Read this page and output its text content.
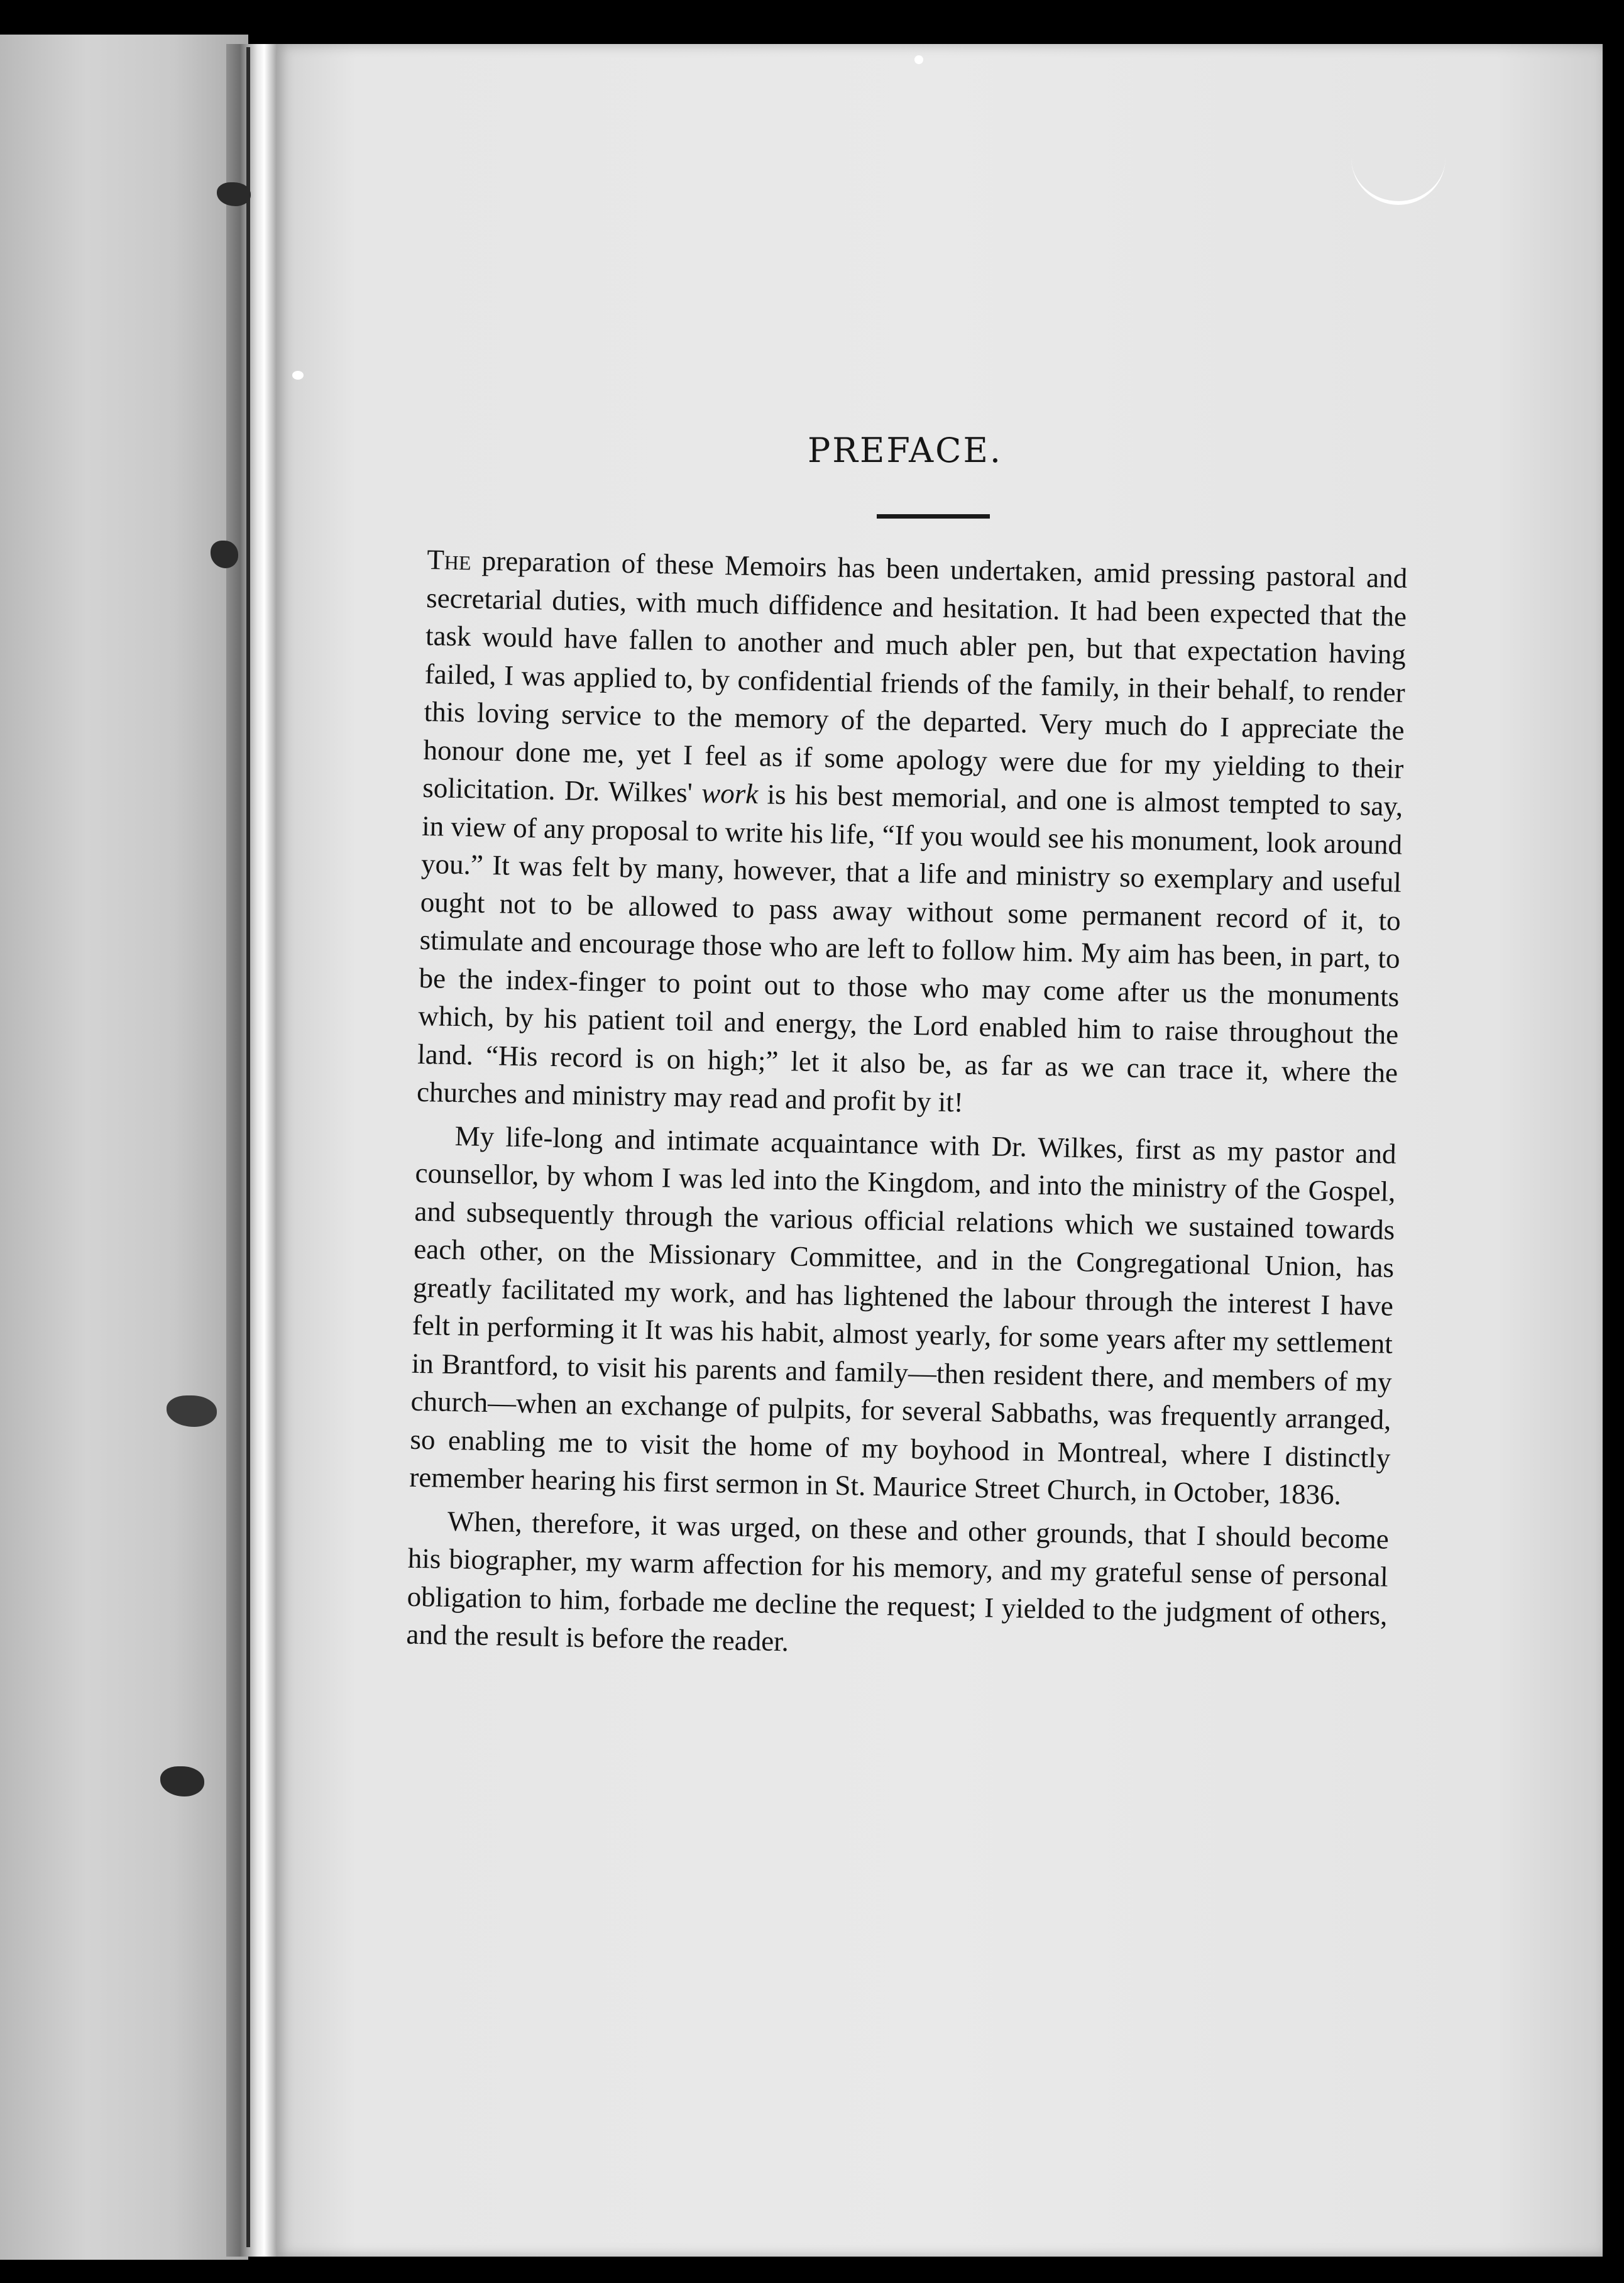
PREFACE.

The preparation of these Memoirs has been undertaken, amid pressing pastoral and secretarial duties, with much diffidence and hesitation. It had been expected that the task would have fallen to another and much abler pen, but that expectation having failed, I was applied to, by confidential friends of the family, in their behalf, to render this loving service to the memory of the departed. Very much do I appreciate the honour done me, yet I feel as if some apology were due for my yielding to their solicitation. Dr. Wilkes' work is his best memorial, and one is almost tempted to say, in view of any proposal to write his life, “If you would see his monument, look around you.” It was felt by many, however, that a life and ministry so exemplary and useful ought not to be allowed to pass away without some permanent record of it, to stimulate and encourage those who are left to follow him. My aim has been, in part, to be the index-finger to point out to those who may come after us the monuments which, by his patient toil and energy, the Lord enabled him to raise throughout the land. “His record is on high;” let it also be, as far as we can trace it, where the churches and ministry may read and profit by it!

My life-long and intimate acquaintance with Dr. Wilkes, first as my pastor and counsellor, by whom I was led into the Kingdom, and into the ministry of the Gospel, and subsequently through the various official relations which we sustained towards each other, on the Missionary Committee, and in the Congregational Union, has greatly facilitated my work, and has lightened the labour through the interest I have felt in performing it It was his habit, almost yearly, for some years after my settlement in Brantford, to visit his parents and family—then resident there, and members of my church—when an exchange of pulpits, for several Sabbaths, was frequently arranged, so enabling me to visit the home of my boyhood in Montreal, where I distinctly remember hearing his first sermon in St. Maurice Street Church, in October, 1836.

When, therefore, it was urged, on these and other grounds, that I should become his biographer, my warm affection for his memory, and my grateful sense of personal obligation to him, forbade me decline the request; I yielded to the judgment of others, and the result is before the reader.
